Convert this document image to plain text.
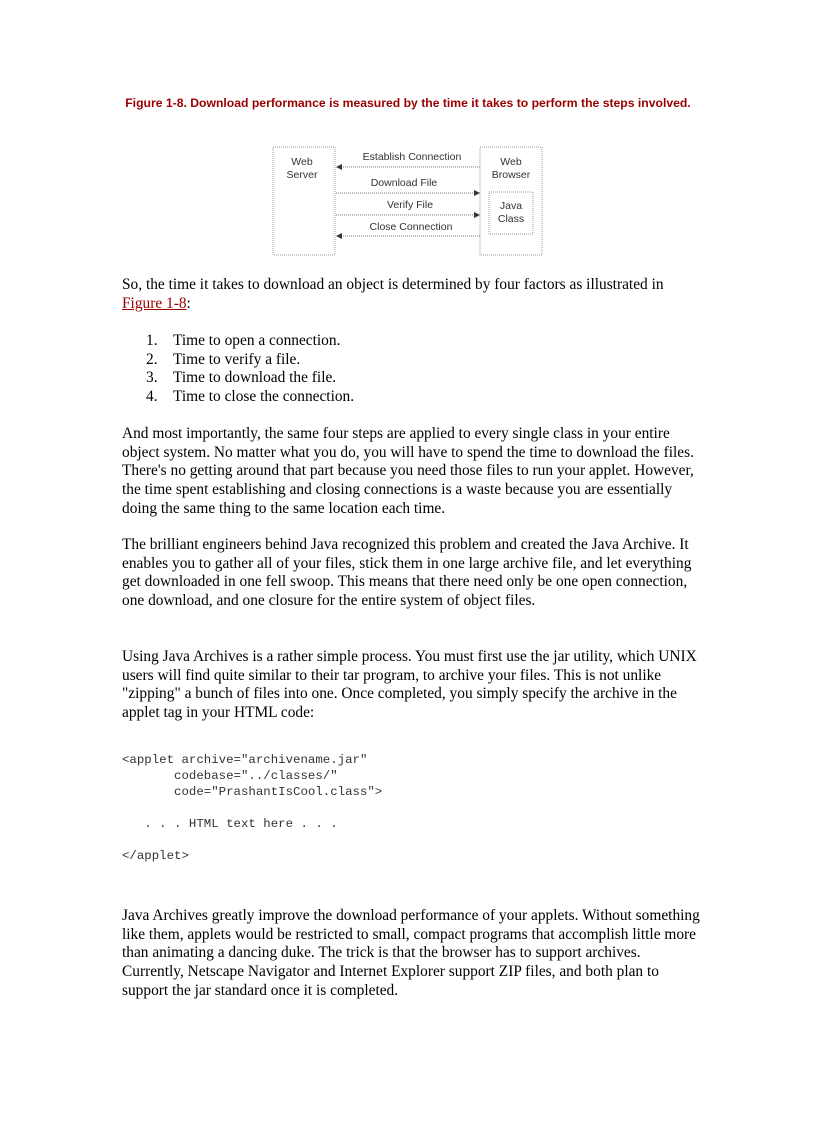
Figure 1-8. Download performance is measured by the time it takes to perform the steps involved.
Web
Server
Web
Browser
Java
Class
Establish Connection
Download File
Verify File
Close Connection

So, the time it takes to download an object is determined by four factors as illustrated in Figure 1-8:

1. Time to open a connection.
2. Time to verify a file.
3. Time to download the file.
4. Time to close the connection.

And most importantly, the same four steps are applied to every single class in your entire object system. No matter what you do, you will have to spend the time to download the files. There's no getting around that part because you need those files to run your applet. However, the time spent establishing and closing connections is a waste because you are essentially doing the same thing to the same location each time.

The brilliant engineers behind Java recognized this problem and created the Java Archive. It enables you to gather all of your files, stick them in one large archive file, and let everything get downloaded in one fell swoop. This means that there need only be one open connection, one download, and one closure for the entire system of object files.

Using Java Archives is a rather simple process. You must first use the jar utility, which UNIX users will find quite similar to their tar program, to archive your files. This is not unlike "zipping" a bunch of files into one. Once completed, you simply specify the archive in the applet tag in your HTML code:

<applet archive="archivename.jar"
codebase="../classes/"
code="PrashantIsCool.class">

. . . HTML text here . . .

</applet>

Java Archives greatly improve the download performance of your applets. Without something like them, applets would be restricted to small, compact programs that accomplish little more than animating a dancing duke. The trick is that the browser has to support archives. Currently, Netscape Navigator and Internet Explorer support ZIP files, and both plan to support the jar standard once it is completed.
